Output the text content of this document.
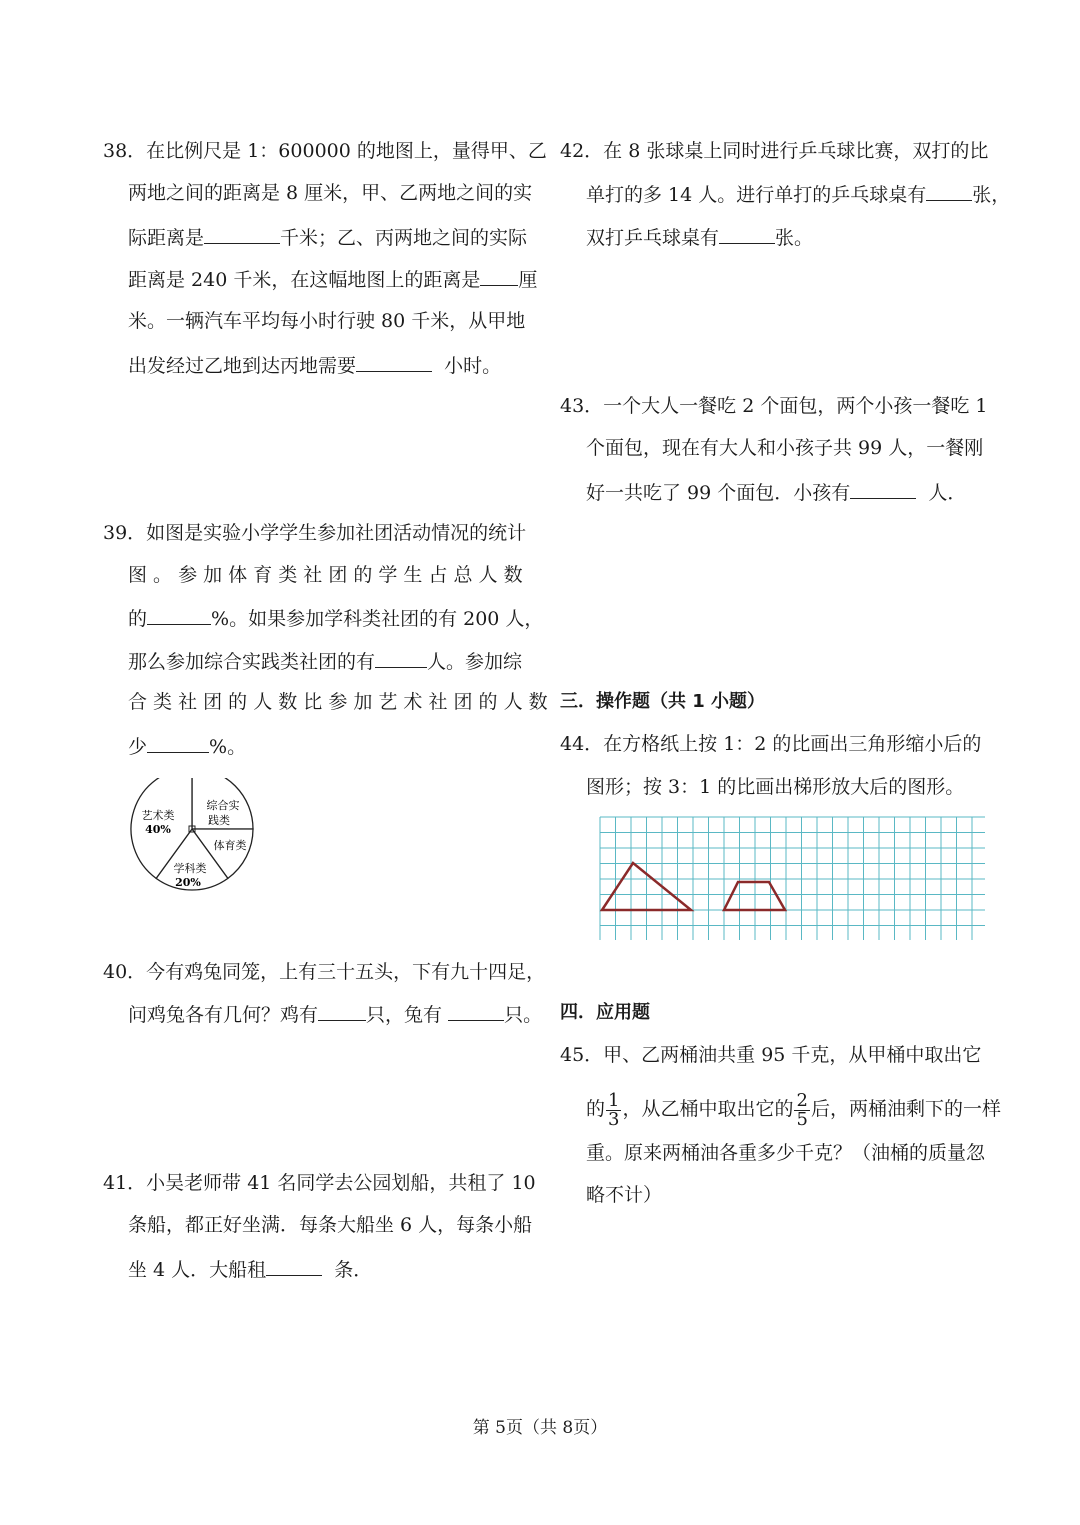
38．在比例尺是 1：600000 的地图上，量得甲、乙
两地之间的距离是 8 厘米，甲、乙两地之间的实
际距离是	千米；乙、丙两地之间的实际
距离是 240 千米，在这幅地图上的距离是 厘
米。一辆汽车平均每小时行驶 80 千米，从甲地
出发经过乙地到达丙地需要	小时。
39．如图是实验小学学生参加社团活动情况的统计
图 。 参 加 体 育 类 社 团 的 学 生 占 总 人 数
的	%。如果参加学科类社团的有 200 人，
那么参加综合实践类社团的有	人。参加综
合 类 社 团 的 人 数 比 参 加 艺 术 社 团 的 人 数
少	%。
艺术类
40%
综合实
践类
体育类
学科类
20%
40．今有鸡兔同笼，上有三十五头，下有九十四足，
问鸡兔各有几何？鸡有	只，兔有	只。
41．小吴老师带 41 名同学去公园划船，共租了 10
条船，都正好坐满．每条大船坐 6 人，每条小船
坐 4 人．大船租	条．
42．在 8 张球桌上同时进行乒乓球比赛，双打的比
单打的多 14 人。进行单打的乒乓球桌有 张，
双打乒乓球桌有	张。
43．一个大人一餐吃 2 个面包，两个小孩一餐吃 1
个面包，现在有大人和小孩子共 99 人，一餐刚
好一共吃了 99 个面包．小孩有	人．
三．操作题（共 1 小题）
44．在方格纸上按 1：2 的比画出三角形缩小后的
图形；按 3：1 的比画出梯形放大后的图形。
四．应用题
45．甲、乙两桶油共重 95 千克，从甲桶中取出它
的 $\frac{1}{3}$ ，从乙桶中取出它的 $\frac{2}{5}$ 后，两桶油剩下的一样
重。原来两桶油各重多少千克？（油桶的质量忽
略不计）
第 5页（共 8页）
